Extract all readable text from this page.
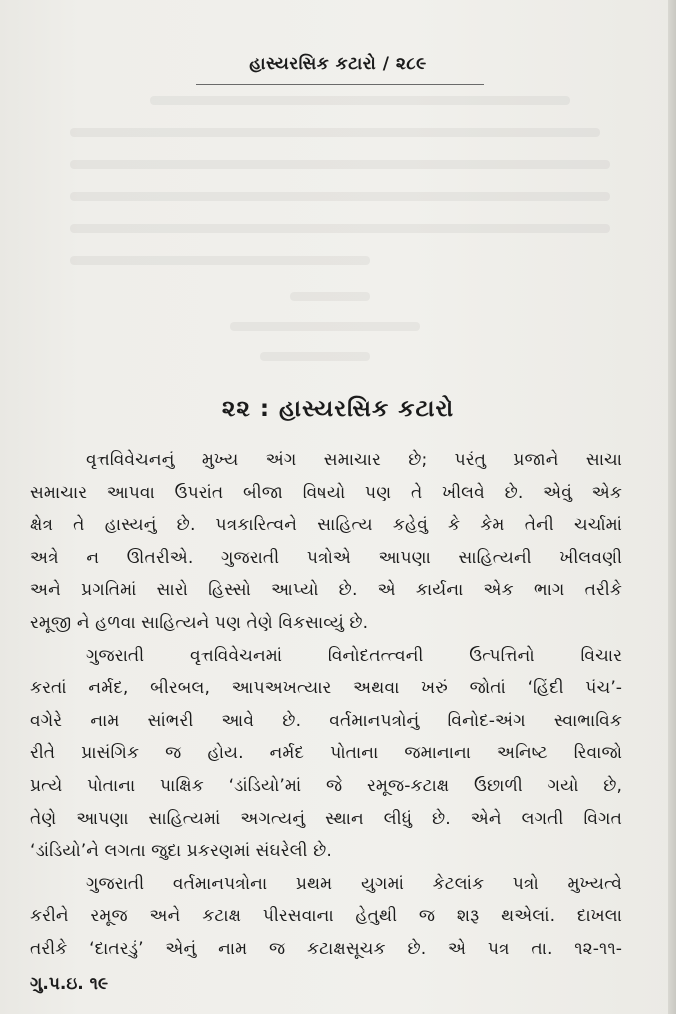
હાસ્યરસિક કટારો / ૨૮૯
૨૨ : હાસ્યરસિક કટારો

વૃત્તવિવેચનનું મુખ્ય અંગ સમાચાર છે; પરંતુ પ્રજાને સાચા
સમાચાર આપવા ઉપરાંત બીજા વિષયો પણ તે ખીલવે છે. એવું એક
ક્ષેત્ર તે હાસ્યનું છે. પત્રકારિત્વને સાહિત્ય કહેવું કે કેમ તેની ચર્ચામાં
અત્રે ન ઊતરીએ. ગુજરાતી પત્રોએ આપણા સાહિત્યની ખીલવણી
અને પ્રગતિમાં સારો હિસ્સો આપ્યો છે. એ કાર્યના એક ભાગ તરીકે
રમૂજી ને હળવા સાહિત્યને પણ તેણે વિકસાવ્યું છે.

ગુજરાતી વૃત્તવિવેચનમાં વિનોદતત્ત્વની ઉત્પત્તિનો વિચાર
કરતાં નર્મદ, બીરબલ, આપઅખત્યાર અથવા ખરું જોતાં ‘હિંદી પંચ’-
વગેરે નામ સાંભરી આવે છે. વર્તમાનપત્રોનું વિનોદ-અંગ સ્વાભાવિક
રીતે પ્રાસંગિક જ હોય. નર્મદ પોતાના જમાનાના અનિષ્ટ રિવાજો
પ્રત્યે પોતાના પાક્ષિક ‘ડાંડિયો’માં જે રમૂજ-કટાક્ષ ઉછાળી ગયો છે,
તેણે આપણા સાહિત્યમાં અગત્યનું સ્થાન લીધું છે. એને લગતી વિગત
‘ડાંડિયો’ને લગતા જુદા પ્રકરણમાં સંઘરેલી છે.

ગુજરાતી વર્તમાનપત્રોના પ્રથમ યુગમાં કેટલાંક પત્રો મુખ્યત્વે
કરીને રમૂજ અને કટાક્ષ પીરસવાના હેતુથી જ શરૂ થએલાં. દાખલા
તરીકે ‘દાતરડું’ એનું નામ જ કટાક્ષસૂચક છે. એ પત્ર તા. ૧૨-૧૧-

ગુ.પ.ઇ. ૧૯
